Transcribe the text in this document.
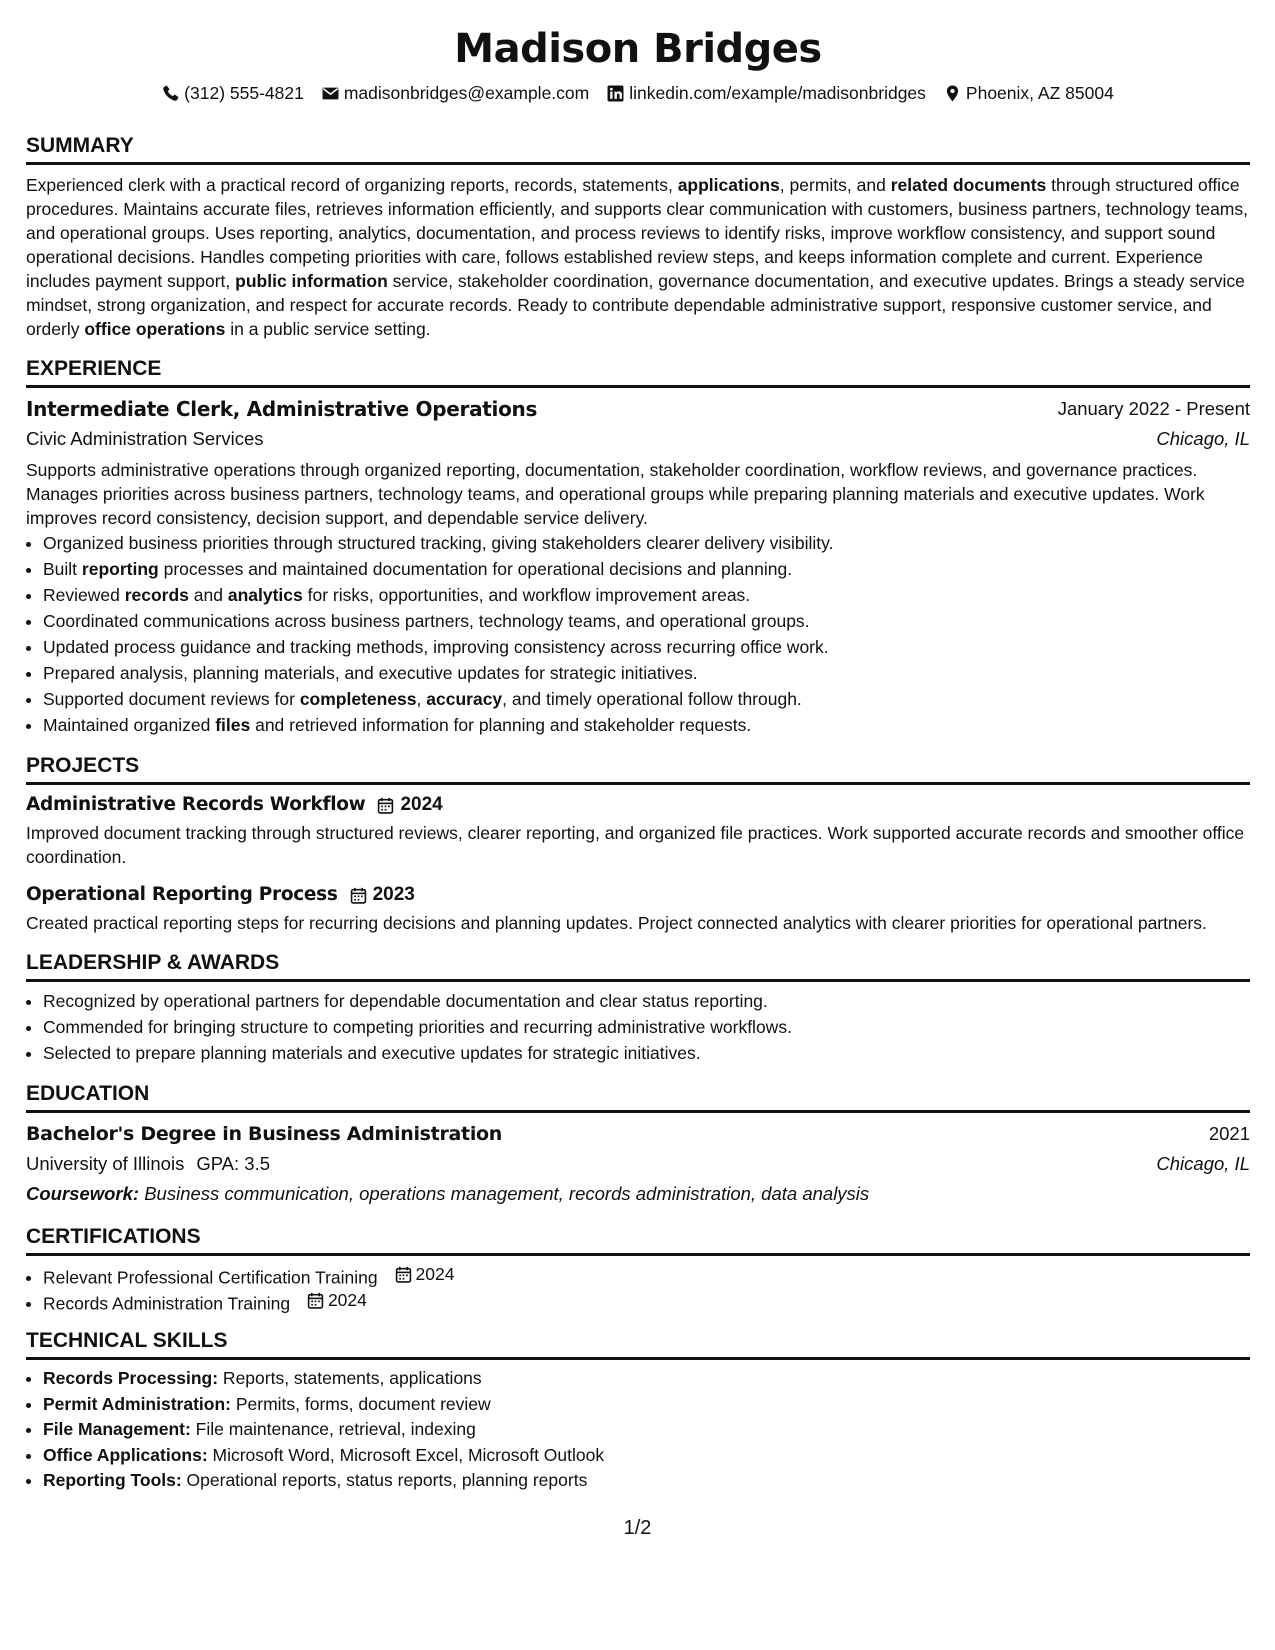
Madison Bridges
(312) 555-4821 madisonbridges@example.com linkedin.com/example/madisonbridges Phoenix, AZ 85004
SUMMARY
Experienced clerk with a practical record of organizing reports, records, statements, applications, permits, and related documents through structured office procedures. Maintains accurate files, retrieves information efficiently, and supports clear communication with customers, business partners, technology teams, and operational groups. Uses reporting, analytics, documentation, and process reviews to identify risks, improve workflow consistency, and support sound operational decisions. Handles competing priorities with care, follows established review steps, and keeps information complete and current. Experience includes payment support, public information service, stakeholder coordination, governance documentation, and executive updates. Brings a steady service mindset, strong organization, and respect for accurate records. Ready to contribute dependable administrative support, responsive customer service, and orderly office operations in a public service setting.
EXPERIENCE
Intermediate Clerk, Administrative Operations	January 2022 - Present
Civic Administration Services	Chicago, IL
Supports administrative operations through organized reporting, documentation, stakeholder coordination, workflow reviews, and governance practices. Manages priorities across business partners, technology teams, and operational groups while preparing planning materials and executive updates. Work improves record consistency, decision support, and dependable service delivery.
• Organized business priorities through structured tracking, giving stakeholders clearer delivery visibility.
• Built reporting processes and maintained documentation for operational decisions and planning.
• Reviewed records and analytics for risks, opportunities, and workflow improvement areas.
• Coordinated communications across business partners, technology teams, and operational groups.
• Updated process guidance and tracking methods, improving consistency across recurring office work.
• Prepared analysis, planning materials, and executive updates for strategic initiatives.
• Supported document reviews for completeness, accuracy, and timely operational follow through.
• Maintained organized files and retrieved information for planning and stakeholder requests.
PROJECTS
Administrative Records Workflow 2024
Improved document tracking through structured reviews, clearer reporting, and organized file practices. Work supported accurate records and smoother office coordination.
Operational Reporting Process 2023
Created practical reporting steps for recurring decisions and planning updates. Project connected analytics with clearer priorities for operational partners.
LEADERSHIP & AWARDS
• Recognized by operational partners for dependable documentation and clear status reporting.
• Commended for bringing structure to competing priorities and recurring administrative workflows.
• Selected to prepare planning materials and executive updates for strategic initiatives.
EDUCATION
Bachelor's Degree in Business Administration	2021
University of Illinois GPA: 3.5	Chicago, IL
Coursework: Business communication, operations management, records administration, data analysis
CERTIFICATIONS
• Relevant Professional Certification Training 2024
• Records Administration Training 2024
TECHNICAL SKILLS
• Records Processing: Reports, statements, applications
• Permit Administration: Permits, forms, document review
• File Management: File maintenance, retrieval, indexing
• Office Applications: Microsoft Word, Microsoft Excel, Microsoft Outlook
• Reporting Tools: Operational reports, status reports, planning reports
1/2
